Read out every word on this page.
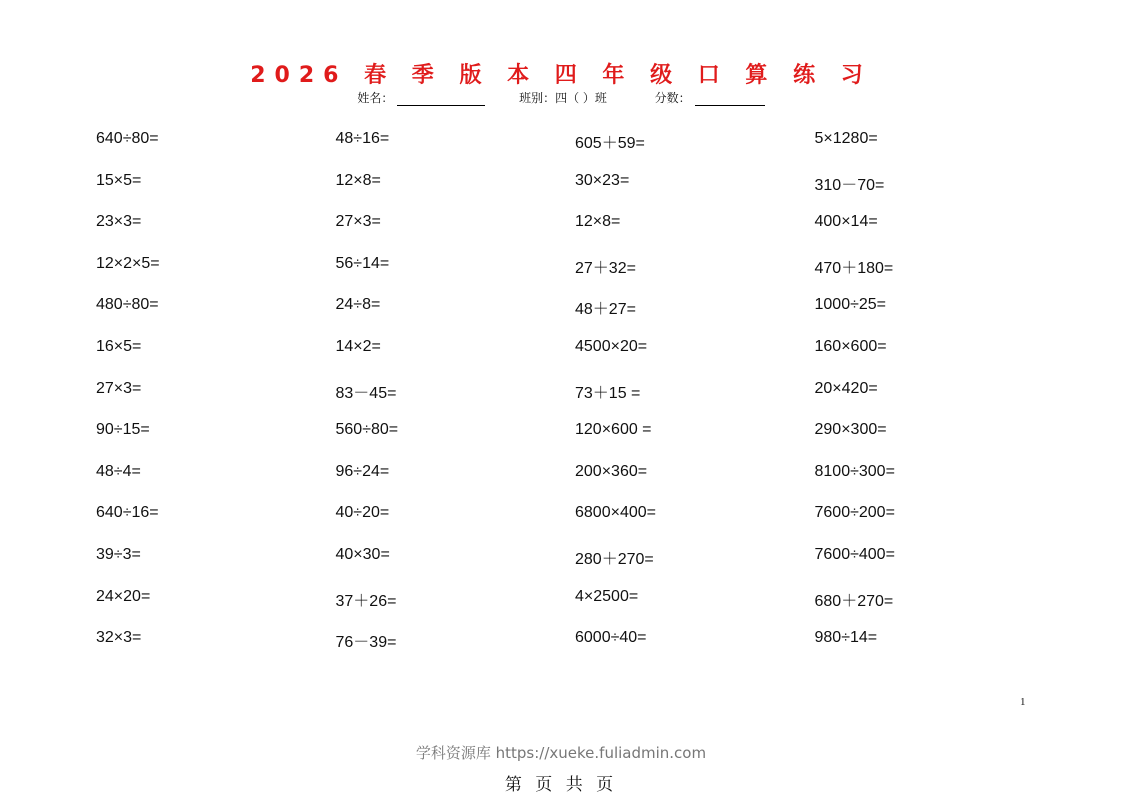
2026 春 季 版 本 四 年 级 口 算 练 习
姓名：	班别：四（ ）班	分数：
640÷80=
15×5=
23×3=
12×2×5=
480÷80=
16×5=
27×3=
90÷15=
48÷4=
640÷16=
39÷3=
24×20=
32×3=
48÷16=
12×8=
27×3=
56÷14=
24÷8=
14×2=
83－45=
560÷80=
96÷24=
40÷20=
40×30=
37＋26=
76－39=
605＋59=
30×23=
12×8=
27＋32=
48＋27=
4500×20=
73＋15 =
120×600 =
200×360=
6800×400=
280＋270=
4×2500=
6000÷40=
5×1280=
310－70=
400×14=
470＋180=
1000÷25=
160×600=
20×420=
290×300=
8100÷300=
7600÷200=
7600÷400=
680＋270=
980÷14=
1
学科资源库 https://xueke.fuliadmin.com
第 页 共 页
